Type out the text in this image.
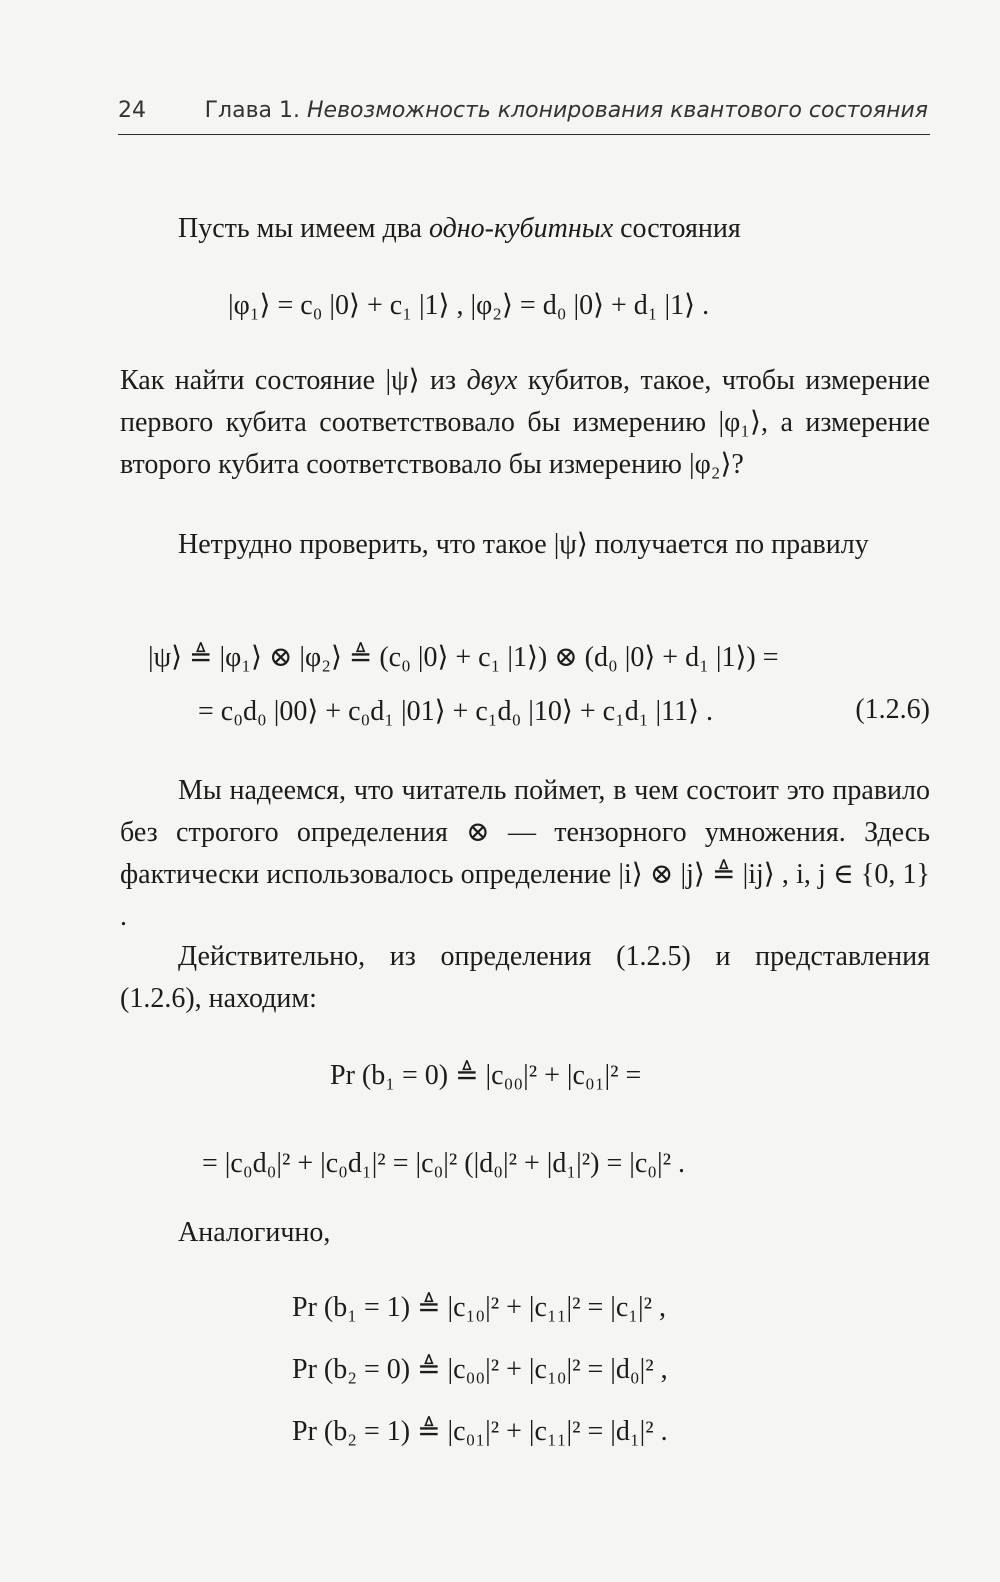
24	Глава 1. Невозможность клонирования квантового состояния
Пусть мы имеем два одно-кубитных состояния
|φ₁⟩ = c₀ |0⟩ + c₁ |1⟩ , |φ₂⟩ = d₀ |0⟩ + d₁ |1⟩ .
Как найти состояние |ψ⟩ из двух кубитов, такое, чтобы измерение первого кубита соответствовало бы измерению |φ₁⟩, а измерение второго кубита соответствовало бы измерению |φ₂⟩?
Нетрудно проверить, что такое |ψ⟩ получается по правилу
|ψ⟩ ≜ |φ₁⟩ ⊗ |φ₂⟩ ≜ (c₀ |0⟩ + c₁ |1⟩) ⊗ (d₀ |0⟩ + d₁ |1⟩) =
= c₀d₀ |00⟩ + c₀d₁ |01⟩ + c₁d₀ |10⟩ + c₁d₁ |11⟩ .	(1.2.6)
Мы надеемся, что читатель поймет, в чем состоит это правило без строгого определения ⊗ — тензорного умножения. Здесь фактически использовалось определение |i⟩ ⊗ |j⟩ ≜ |ij⟩ , i, j ∈ {0, 1} .
Действительно, из определения (1.2.5) и представления (1.2.6), находим:
Pr (b₁ = 0) ≜ |c₀₀|² + |c₀₁|² =
= |c₀d₀|² + |c₀d₁|² = |c₀|² (|d₀|² + |d₁|²) = |c₀|² .
Аналогично,
Pr (b₁ = 1) ≜ |c₁₀|² + |c₁₁|² = |c₁|² ,
Pr (b₂ = 0) ≜ |c₀₀|² + |c₁₀|² = |d₀|² ,
Pr (b₂ = 1) ≜ |c₀₁|² + |c₁₁|² = |d₁|² .
